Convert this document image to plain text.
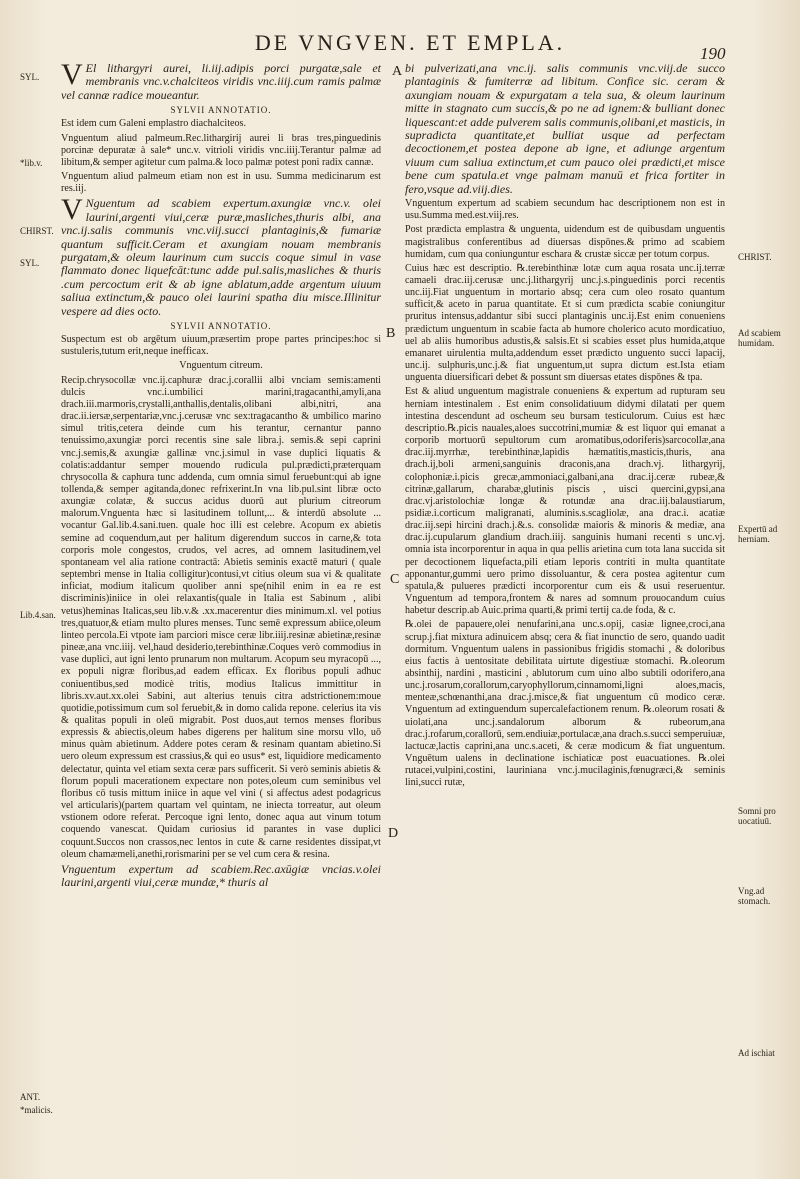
DE VNGVEN. ET EMPLA.	190

V El lithargyri aurei, li.iij.adipis porci purgatæ,sale et membranis vnc.v.chalciteos viridis vnc.iiij.cum ramis palmæ vel cannæ radice moueantur.

SYLVII ANNOTATIO.

Est idem cum Galeni emplastro diachalciteos.

Vnguentum aliud palmeum.Rec.lithargirij aurei li bras tres,pinguedinis porcinæ depuratæ à sale* unc.v. vitrioli viridis vnc.iiij.Terantur palmæ ad libitum,& semper agitetur cum palma.& loco palmæ potest poni radix cannæ.

Vnguentum aliud palmeum etiam non est in usu. Summa medicinarum est res.iij.

V Nguentum ad scabiem expertum.axungiæ vnc.v. olei laurini,argenti viui,ceræ puræ,masliches,thuris albi, ana vnc.ij.salis communis vnc.viij.succi plantaginis,& fumariæ quantum sufficit.Ceram et axungiam nouam membranis purgatam,& oleum laurinum cum succis coque simul in vase flammato donec liquefcāt:tunc adde pul.salis,masliches & thuris .cum percoctum erit & ab igne ablatum,adde argentum uiuum saliua extinctum,& pauco olei laurini spatha diu misce.Illinitur vespere ad dies octo.

SYLVII ANNOTATIO.

Suspectum est ob argētum uiuum,præsertim prope partes principes:hoc si sustuleris,tutum erit,neque inefficax.

Vnguentum citreum.

Recip.chrysocollæ vnc.ij.caphuræ drac.j.corallii albi vnciam semis:amenti dulcis vnc.i.umbilici marini,tragacanthi,amyli,ana drach.iii.marmoris,crystalli,anthallis,dentalis,olibani albi,nitri, ana drac.ii.iersæ,serpentariæ,vnc.j.cerusæ vnc sex:tragacantho & umbilico marino simul tritis,cetera deinde cum his terantur, cernantur panno tenuissimo,axungiæ porci recentis sine sale libra.j. semis.& sepi caprini vnc.j.semis,& axungiæ gallinæ vnc.j.simul in vase duplici liquatis & colatis:addantur semper mouendo rudicula pul.prædicti,præterquam chrysocolla & caphura tunc addenda, cum omnia simul feruebunt:qui ab igne tollenda,& semper agitanda,donec refrixerint.In vna lib.pul.sint libræ octo axungiæ colatæ, & succus acidus duorū aut plurium citreorum malorum.Vnguenta hæc si lasitudinem tollunt,... & interdū absolute ... vocantur Gal.lib.4.sani.tuen. quale hoc illi est celebre. Acopum ex abietis semine ad coquendum,aut per halitum digerendum succos in carne,& tota corporis mole congestos, crudos, vel acres, ad omnem lasitudinem,vel spontaneam vel alia ratione contractā: Abietis seminis exactē maturi ( quale septembri mense in Italia colligitur)contusi,vt citius oleum sua vi & qualitate inficiat, modium italicum quoliber anni spe(nihil enim in ea re est discriminis)iniice in olei relaxantis(quale in Italia est Sabinum , alibi vetus)heminas Italicas,seu lib.v.& .xx.macerentur dies minimum.xl. vel potius tres,quatuor,& etiam multo plures menses. Tunc semē expressum abiice,oleum linteo percola.Ei vtpote iam parciori misce ceræ libr.iiij.resinæ abietinæ,resinæ pineæ,ana vnc.iiij. vel,haud desiderio,terebinthinæ.Coques verò commodius in vase duplici, aut igni lento prunarum non multarum. Acopum seu myracopū ..., ex populi nigræ floribus,ad eadem efficax. Ex floribus populi adhuc coniuentibus,sed modicè tritis, modius Italicus immittitur in libris.xv.aut.xx.olei Sabini, aut alterius tenuis citra adstrictionem:moue quotidie,potissimum cum sol feruebit,& in domo calida repone. celerius ita vis & qualitas populi in oleū migrabit. Post duos,aut ternos menses floribus expressis & abiectis,oleum habes digerens per halitum sine morsu vllo, uō minus quàm abietinum. Addere potes ceram & resinam quantam abietino.Si uero oleum expressum est crassius,& qui eo usus* est, liquidiore medicamento delectatur, quinta vel etiam sexta ceræ pars sufficerit. Si verò seminis abietis & florum populi macerationem expectare non potes,oleum cum seminibus vel floribus cō tusis mittum iniice in aque vel vini ( si affectus adest podagricus vel articularis)(partem quartam vel quintam, ne iniecta torreatur, aut oleum vstionem odore referat. Percoque igni lento, donec aqua aut vinum totum coquendo vanescat. Quidam curiosius id parantes in vase duplici coquunt.Succos non crassos,nec lentos in cute & carne residentes dissipat,vt oleum chamæmeli,anethi,rorismarini per se vel cum cera & resina.

Vnguentum expertum ad scabiem.Rec.axūgiæ vncias.v.olei laurini,argenti viui,ceræ mundæ,* thuris al

bi pulverizati,ana vnc.ij. salis communis vnc.viij.de succo plantaginis & fumiterræ ad libitum. Confice sic. ceram & axungiam nouam & expurgatam a tela sua, & oleum laurinum mitte in stagnato cum succis,& po ne ad ignem:& bulliant donec liquescant:et adde pulverem salis communis,olibani,et masticis, in supradicta quantitate,et bulliat usque ad perfectam decoctionem,et postea depone ab igne, et adiunge argentum viuum cum saliua extinctum,et cum pauco olei prædicti,et misce bene cum spatula.et vnge palmam manuū et frica fortiter in fero,vsque ad.viij.dies.

Vnguentum expertum ad scabiem secundum hac descriptionem non est in usu.Summa med.est.viij.res.

Post prædicta emplastra & unguenta, uidendum est de quibusdam unguentis magistralibus conferentibus ad diuersas dispōnes.& primo ad scabiem humidam, cum qua coniunguntur eschara & crustæ siccæ per totum corpus.

Cuius hæc est descriptio. ℞.terebinthinæ lotæ cum aqua rosata unc.ij.terræ camaeli drac.iij.cerusæ unc.j.lithargyrij unc.j.s.pinguedinis porci recentis unc.iij.Fiat unguentum in mortario absq; cera cum oleo rosato quantum sufficit,& aceto in parua quantitate. Et si cum prædicta scabie coniungitur pruritus intensus,addantur sibi succi plantaginis unc.ij.Est enim conueniens prædictum unguentum in scabie facta ab humore cholerico acuto mordicatiuo, uel ab aliis humoribus adustis,& salsis.Et si scabies esset plus humida,atque emanaret uirulentia multa,addendum esset prædicto unguento succi lapacij, unc.ij. sulphuris,unc.j.& fiat unguentum,ut supra dictum est.Ista etiam unguenta diuersificari debet & possunt sm diuersas etates dispōnes & tpa.

Est & aliud unguentum magistrale conueniens & expertum ad rupturam seu herniam intestinalem . Est enim consolidatiuum didymi dilatati per quem intestina descendunt ad oscheum seu bursam testiculorum. Cuius est hæc descriptio.℞.picis nauales,aloes succotrini,mumiæ & est liquor qui emanat a corporib mortuorū sepultorum cum aromatibus,odoriferis)sarcocollæ,ana drac.iij.myrrhæ, terebinthinæ,lapidis hæmatitis,masticis,thuris, ana drach.ij,boli armeni,sanguinis draconis,ana drach.vj. lithargyrij, colophoniæ.i.picis grecæ,ammoniaci,galbani,ana drac.ij.ceræ rubeæ,& citrinæ,gallarum, charabæ,glutinis piscis , uisci quercini,gypsi,ana drac.vj.aristolochiæ longæ & rotundæ ana drac.iij.balaustiarum, psidiæ.i.corticum maligranati, aluminis.s.scagliolæ, ana drac.i. acatiæ drac.iij.sepi hircini drach.j.&.s. consolidæ maioris & minoris & mediæ, ana drac.ij.cupularum glandium drach.iiij. sanguinis humani recenti s unc.vj. omnia ista incorporentur in aqua in qua pellis arietina cum tota lana succida sit per decoctionem liquefacta,pili etiam leporis contriti in multa quantitate apponantur,gummi uero primo dissoluantur, & cera postea agitentur cum spatula,& pulueres prædicti incorporentur cum eis & usui reseruentur. Vnguentum ad tempora,frontem & nares ad somnum prouocandum cuius habetur descrip.ab Auic.prima quarti,& primi tertij ca.de foda, & c.

℞.olei de papauere,olei nenufarini,ana unc.s.opij, casiæ lignee,croci,ana scrup.j.fiat mixtura adinuicem absq; cera & fiat inunctio de sero, quando uadit dormitum. Vnguentum ualens in passionibus frigidis stomachi , & doloribus eius factis à uentositate debilitata uirtute digestiuæ stomachi. ℞.oleorum absinthij, nardini , masticini , ablutorum cum uino albo subtili odorifero,ana unc.j.rosarum,corallorum,caryophyllorum,cinnamomi,ligni aloes,macis, menteæ,schœnanthi,ana drac.j.misce,& fiat unguentum cū modico ceræ. Vnguentum ad extinguendum supercalefactionem renum. ℞.oleorum rosati & uiolati,ana unc.j.sandalorum alborum & rubeorum,ana drac.j.rofarum,corallorū, sem.endiuiæ,portulacæ,ana drach.s.succi semperuiuæ, lactucæ,lactis caprini,ana unc.s.aceti, & ceræ modicum & fiat unguentum. Vnguētum ualens in declinatione ischiaticæ post euacuationes. ℞.olei rutacei,vulpini,costini, lauriniana vnc.j.mucilaginis,fœnugræci,& seminis lini,succi rutæ,

SYL.
*lib.v.
CHIRST.
SYL.
Lib.4.san.
ANT.
*malicis.
CHRIST.
Ad scabiem humidam.
Expertū ad herniam.
Somni pro uocatiuū.
Vng.ad stomach.
Ad ischiat
A
B
C
D
